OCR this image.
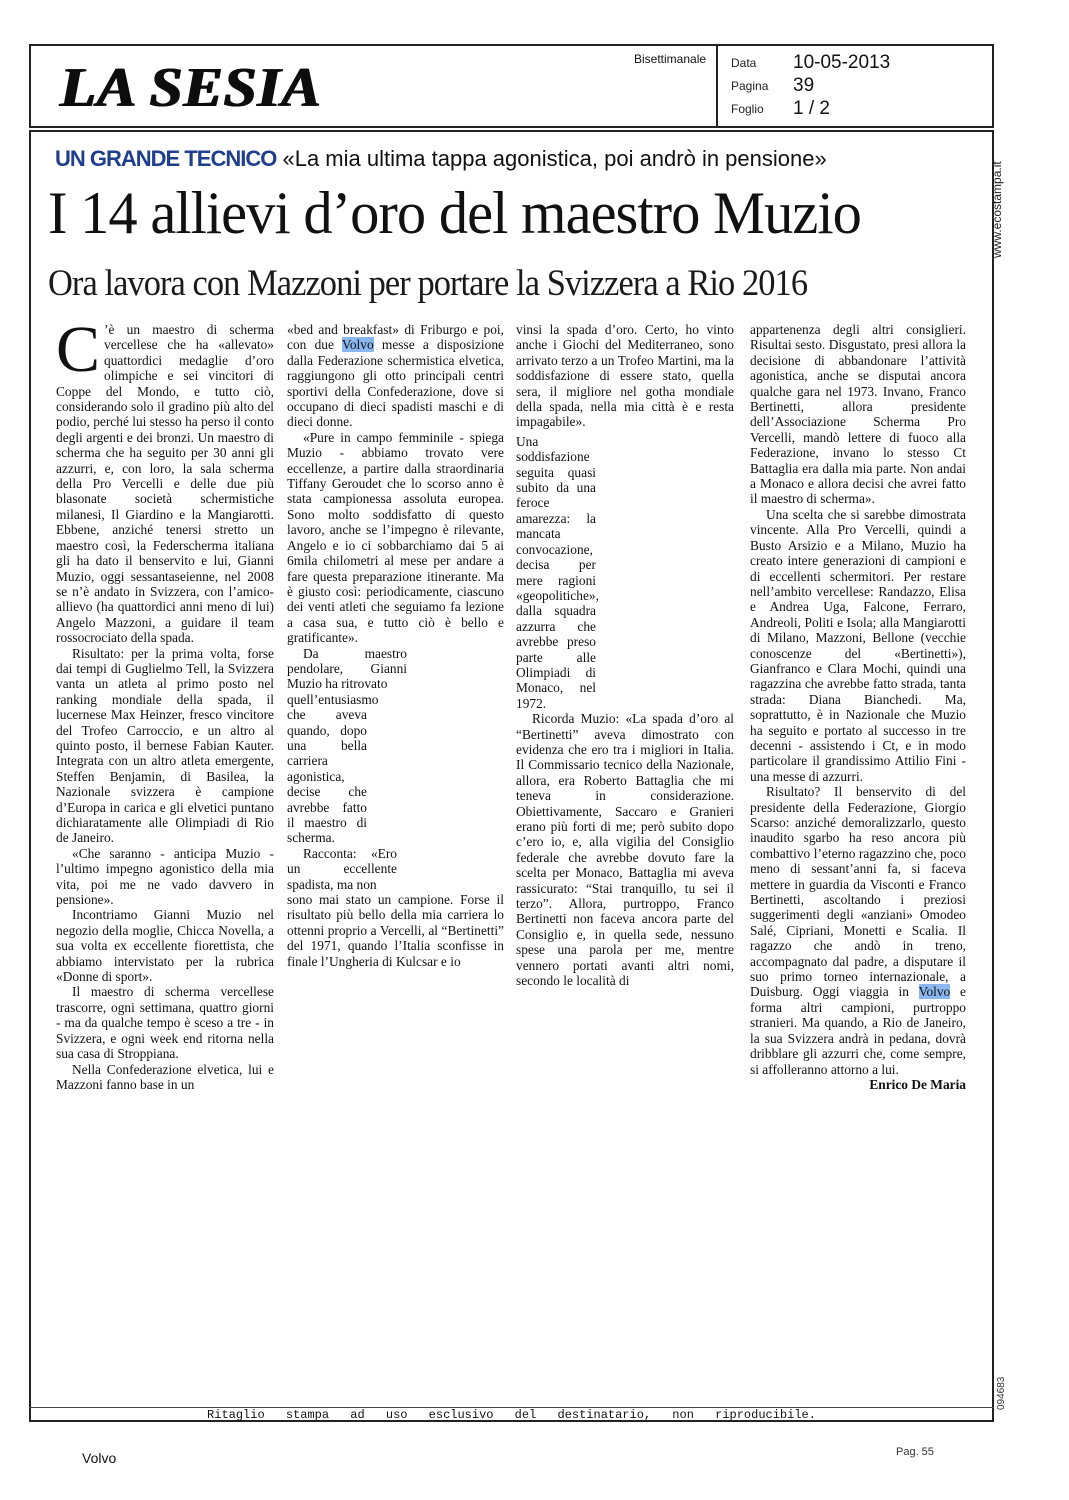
LA SESIA	Bisettimanale Data 10-05-2013
Pagina 39
Foglio 1 / 2
UN GRANDE TECNICO «La mia ultima tappa agonistica, poi andrò in pensione»
I 14 allievi d’oro del maestro Muzio
Ora lavora con Mazzoni per portare la Svizzera a Rio 2016

C ’è un maestro di scherma vercellese che ha «allevato» quattordici medaglie d’oro olimpiche e sei vincitori di Coppe del Mondo, e tutto ciò, considerando solo il gradino più alto del podio, perché lui stesso ha perso il conto degli argenti e dei bronzi. Un maestro di scherma che ha seguito per 30 anni gli azzurri, e, con loro, la sala scherma della Pro Vercelli e delle due più blasonate società schermistiche milanesi, Il Giardino e la Mangiarotti. Ebbene, anziché tenersi stretto un maestro così, la Federscherma italiana gli ha dato il benservito e lui, Gianni Muzio, oggi sessantaseienne, nel 2008 se n’è andato in Svizzera, con l’amico-allievo (ha quattordici anni meno di lui) Angelo Mazzoni, a guidare il team rossocrociato della spada.

Risultato: per la prima volta, forse dai tempi di Guglielmo Tell, la Svizzera vanta un atleta al primo posto nel ranking mondiale della spada, il lucernese Max Heinzer, fresco vincitore del Trofeo Carroccio, e un altro al quinto posto, il bernese Fabian Kauter. Integrata con un altro atleta emergente, Steffen Benjamin, di Basilea, la Nazionale svizzera è campione d’Europa in carica e gli elvetici puntano dichiaratamente alle Olimpiadi di Rio de Janeiro.

«Che saranno - anticipa Muzio - l’ultimo impegno agonistico della mia vita, poi me ne vado davvero in pensione».

Incontriamo Gianni Muzio nel negozio della moglie, Chicca Novella, a sua volta ex eccellente fiorettista, che abbiamo intervistato per la rubrica «Donne di sport».

Il maestro di scherma vercellese trascorre, ogni settimana, quattro giorni - ma da qualche tempo è sceso a tre - in Svizzera, e ogni week end ritorna nella sua casa di Stroppiana.

Nella Confederazione elvetica, lui e Mazzoni fanno base in un

«bed and breakfast» di Friburgo e poi, con due Volvo messe a disposizione dalla Federazione schermistica elvetica, raggiungono gli otto principali centri sportivi della Confederazione, dove si occupano di dieci spadisti maschi e di dieci donne.

«Pure in campo femminile - spiega Muzio - abbiamo trovato vere eccellenze, a partire dalla straordinaria Tiffany Geroudet che lo scorso anno è stata campionessa assoluta europea. Sono molto soddisfatto di questo lavoro, anche se l’impegno è rilevante, Angelo e io ci sobbarchiamo dai 5 ai 6mila chilometri al mese per andare a fare questa preparazione itinerante. Ma è giusto così: periodicamente, ciascuno dei venti atleti che seguiamo fa lezione a casa sua, e tutto ciò è bello e gratificante».

Da maestro pendolare, Gianni Muzio ha ritrovato

quell’entusiasmo che aveva quando, dopo una bella carriera agonistica, decise che avrebbe fatto il maestro di scherma.

Racconta: «Ero un eccellente spadista, ma non

sono mai stato un campione. Forse il risultato più bello della mia carriera lo ottenni proprio a Vercelli, al “Bertinetti” del 1971, quando l’Italia sconfisse in finale l’Ungheria di Kulcsar e io

vinsi la spada d’oro. Certo, ho vinto anche i Giochi del Mediterraneo, sono arrivato terzo a un Trofeo Martini, ma la soddisfazione di essere stato, quella sera, il migliore nel gotha mondiale della spada, nella mia città è e resta impagabile».

Una soddisfazione seguita quasi subito da una feroce amarezza: la mancata convocazione, decisa per mere ragioni «geopolitiche», dalla squadra azzurra che avrebbe preso parte alle Olimpiadi di Monaco, nel 1972.

Ricorda Muzio: «La spada d’oro al “Bertinetti” aveva dimostrato con evidenza che ero tra i migliori in Italia. Il Commissario tecnico della Nazionale, allora, era Roberto Battaglia che mi teneva in considerazione. Obiettivamente, Saccaro e Granieri erano più forti di me; però subito dopo c’ero io, e, alla vigilia del Consiglio federale che avrebbe dovuto fare la scelta per Monaco, Battaglia mi aveva rassicurato: “Stai tranquillo, tu sei il terzo”. Allora, purtroppo, Franco Bertinetti non faceva ancora parte del Consiglio e, in quella sede, nessuno spese una parola per me, mentre vennero portati avanti altri nomi, secondo le località di

appartenenza degli altri consiglieri. Risultai sesto. Disgustato, presi allora la decisione di abbandonare l’attività agonistica, anche se disputai ancora qualche gara nel 1973. Invano, Franco Bertinetti, allora presidente dell’Associazione Scherma Pro Vercelli, mandò lettere di fuoco alla Federazione, invano lo stesso Ct Battaglia era dalla mia parte. Non andai a Monaco e allora decisi che avrei fatto il maestro di scherma».

Una scelta che si sarebbe dimostrata vincente. Alla Pro Vercelli, quindi a Busto Arsizio e a Milano, Muzio ha creato intere generazioni di campioni e di eccellenti schermitori. Per restare nell’ambito vercellese: Randazzo, Elisa e Andrea Uga, Falcone, Ferraro, Andreoli, Politi e Isola; alla Mangiarotti di Milano, Mazzoni, Bellone (vecchie conoscenze del «Bertinetti»), Gianfranco e Clara Mochi, quindi una ragazzina che avrebbe fatto strada, tanta strada: Diana Bianchedi. Ma, soprattutto, è in Nazionale che Muzio ha seguito e portato al successo in tre decenni - assistendo i Ct, e in modo particolare il grandissimo Attilio Fini - una messe di azzurri.

Risultato? Il benservito di del presidente della Federazione, Giorgio Scarso: anziché demoralizzarlo, questo inaudito sgarbo ha reso ancora più combattivo l’eterno ragazzino che, poco meno di sessant’anni fa, si faceva mettere in guardia da Visconti e Franco Bertinetti, ascoltando i preziosi suggerimenti degli «anziani» Omodeo Salé, Cipriani, Monetti e Scalia. Il ragazzo che andò in treno, accompagnato dal padre, a disputare il suo primo torneo internazionale, a Duisburg. Oggi viaggia in Volvo e forma altri campioni, purtroppo stranieri. Ma quando, a Rio de Janeiro, la sua Svizzera andrà in pedana, dovrà dribblare gli azzurri che, come sempre, si affolleranno attorno a lui.

Enrico De Maria

Ritaglio stampa ad uso esclusivo del destinatario, non riproducibile.
www.ecostampa.it
094683
Volvo	Pag. 55
